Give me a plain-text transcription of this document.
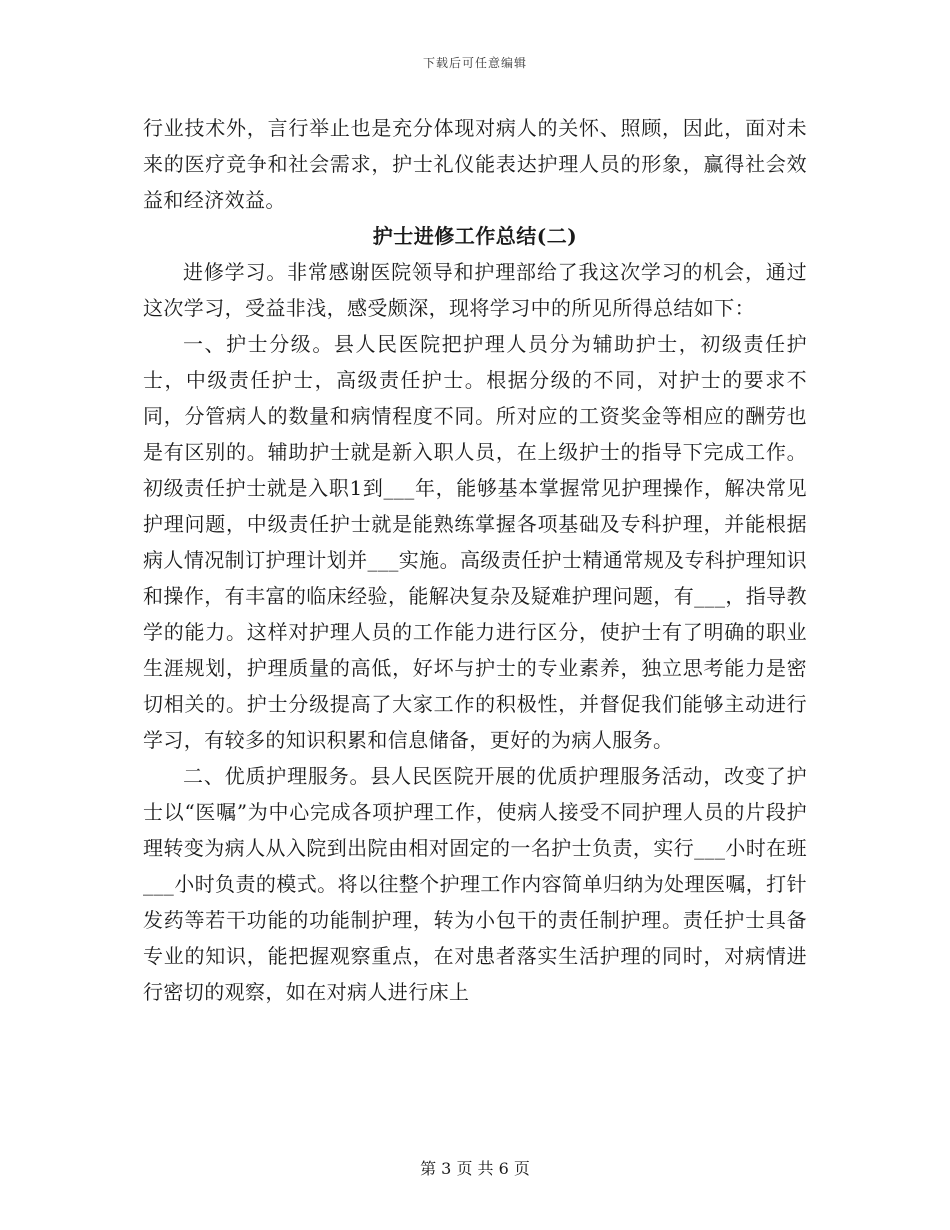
下载后可任意编辑

行业技术外，言行举止也是充分体现对病人的关怀、照顾，因此，面对未来的医疗竞争和社会需求，护士礼仪能表达护理人员的形象，赢得社会效益和经济效益。

护士进修工作总结(二)

进修学习。非常感谢医院领导和护理部给了我这次学习的机会，通过这次学习，受益非浅，感受颇深，现将学习中的所见所得总结如下：

一、护士分级。县人民医院把护理人员分为辅助护士，初级责任护士，中级责任护士，高级责任护士。根据分级的不同，对护士的要求不同，分管病人的数量和病情程度不同。所对应的工资奖金等相应的酬劳也是有区别的。辅助护士就是新入职人员，在上级护士的指导下完成工作。初级责任护士就是入职1到___年，能够基本掌握常见护理操作，解决常见护理问题，中级责任护士就是能熟练掌握各项基础及专科护理，并能根据病人情况制订护理计划并___实施。高级责任护士精通常规及专科护理知识和操作，有丰富的临床经验，能解决复杂及疑难护理问题，有___，指导教学的能力。这样对护理人员的工作能力进行区分，使护士有了明确的职业生涯规划，护理质量的高低，好坏与护士的专业素养，独立思考能力是密切相关的。护士分级提高了大家工作的积极性，并督促我们能够主动进行学习，有较多的知识积累和信息储备，更好的为病人服务。

二、优质护理服务。县人民医院开展的优质护理服务活动，改变了护士以“医嘱”为中心完成各项护理工作，使病人接受不同护理人员的片段护理转变为病人从入院到出院由相对固定的一名护士负责，实行___小时在班___小时负责的模式。将以往整个护理工作内容简单归纳为处理医嘱，打针发药等若干功能的功能制护理，转为小包干的责任制护理。责任护士具备专业的知识，能把握观察重点，在对患者落实生活护理的同时，对病情进行密切的观察，如在对病人进行床上

第 3 页 共 6 页
